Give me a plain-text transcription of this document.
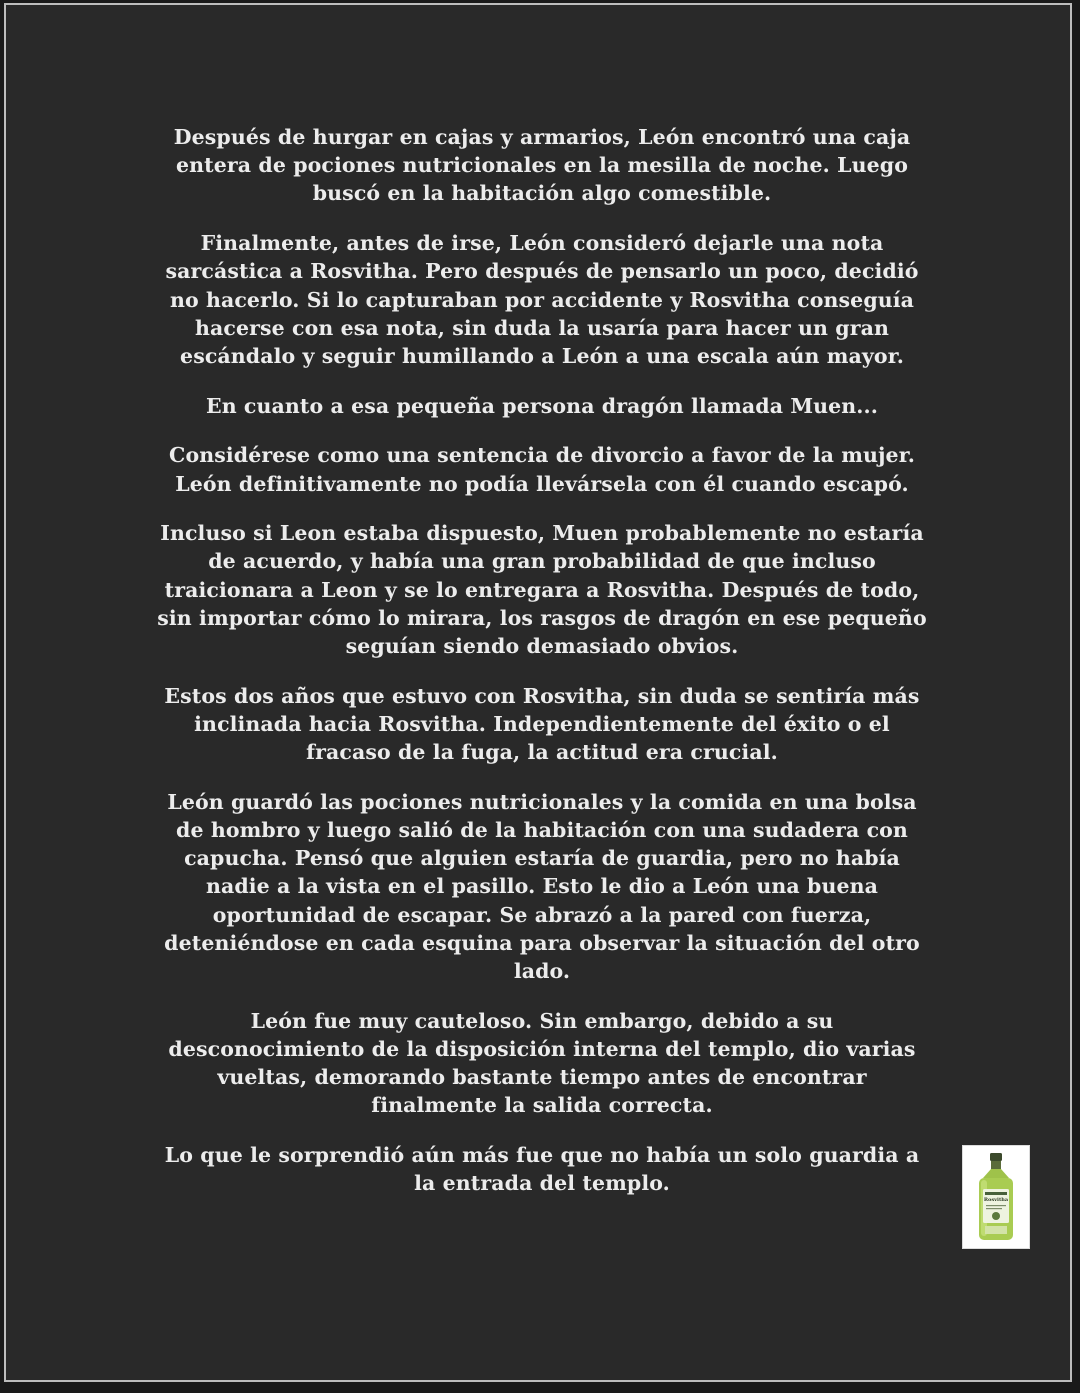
Después de hurgar en cajas y armarios, León encontró una caja entera de pociones nutricionales en la mesilla de noche. Luego buscó en la habitación algo comestible.

Finalmente, antes de irse, León consideró dejarle una nota sarcástica a Rosvitha. Pero después de pensarlo un poco, decidió no hacerlo. Si lo capturaban por accidente y Rosvitha conseguía hacerse con esa nota, sin duda la usaría para hacer un gran escándalo y seguir humillando a León a una escala aún mayor.

En cuanto a esa pequeña persona dragón llamada Muen...

Considérese como una sentencia de divorcio a favor de la mujer. León definitivamente no podía llevársela con él cuando escapó.

Incluso si Leon estaba dispuesto, Muen probablemente no estaría de acuerdo, y había una gran probabilidad de que incluso traicionara a Leon y se lo entregara a Rosvitha. Después de todo, sin importar cómo lo mirara, los rasgos de dragón en ese pequeño seguían siendo demasiado obvios.

Estos dos años que estuvo con Rosvitha, sin duda se sentiría más inclinada hacia Rosvitha. Independientemente del éxito o el fracaso de la fuga, la actitud era crucial.

León guardó las pociones nutricionales y la comida en una bolsa de hombro y luego salió de la habitación con una sudadera con capucha. Pensó que alguien estaría de guardia, pero no había nadie a la vista en el pasillo. Esto le dio a León una buena oportunidad de escapar. Se abrazó a la pared con fuerza, deteniéndose en cada esquina para observar la situación del otro lado.

León fue muy cauteloso. Sin embargo, debido a su desconocimiento de la disposición interna del templo, dio varias vueltas, demorando bastante tiempo antes de encontrar finalmente la salida correcta.

Lo que le sorprendió aún más fue que no había un solo guardia a la entrada del templo.

Rosvitha
